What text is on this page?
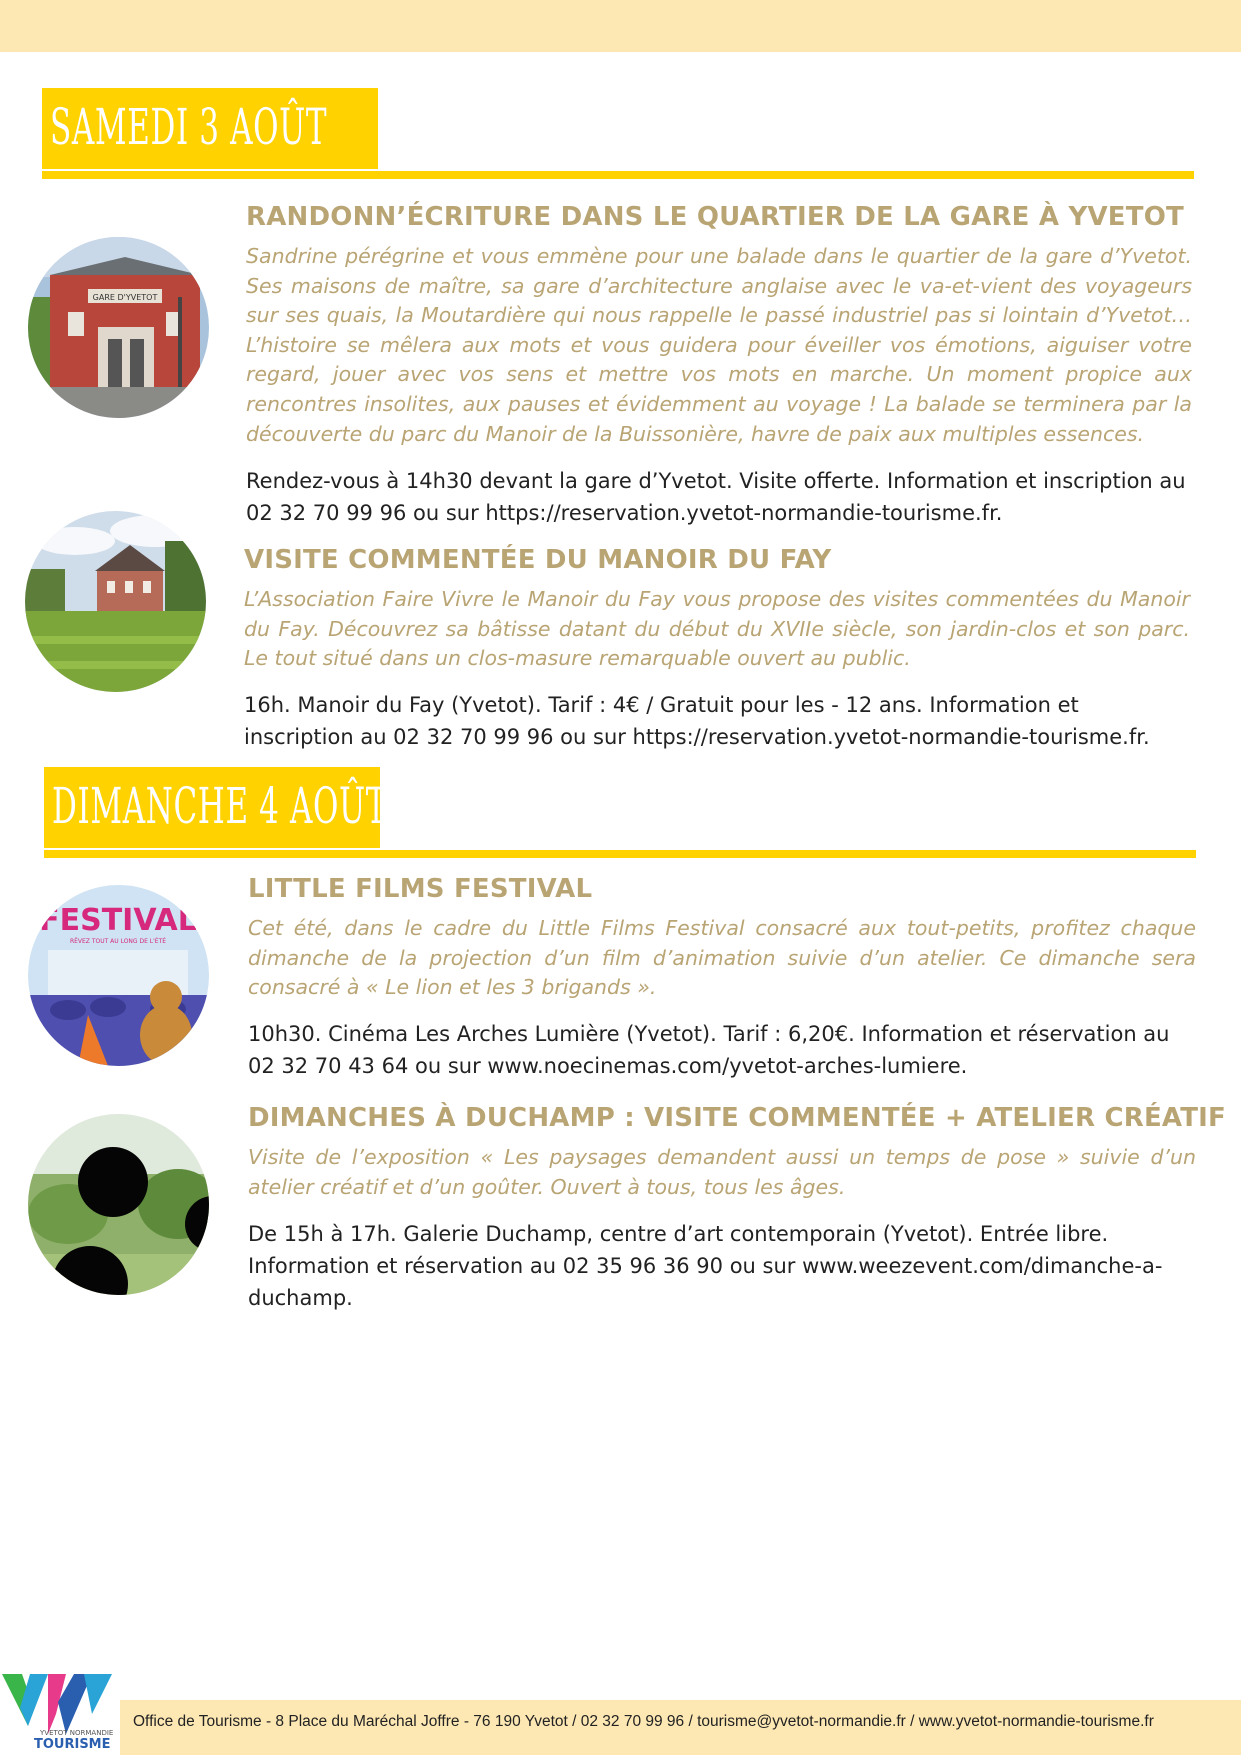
SAMEDI 3 AOÛT
GARE D'YVETOT
RANDONN’ÉCRITURE DANS LE QUARTIER DE LA GARE À YVETOT

Sandrine pérégrine et vous emmène pour une balade dans le quartier de la gare d’Yvetot. Ses maisons de maître, sa gare d’architecture anglaise avec le va-et-vient des voyageurs sur ses quais, la Moutardière qui nous rappelle le passé industriel pas si lointain d’Yvetot… L’histoire se mêlera aux mots et vous guidera pour éveiller vos émotions, aiguiser votre regard, jouer avec vos sens et mettre vos mots en marche. Un moment propice aux rencontres insolites, aux pauses et évidemment au voyage ! La balade se terminera par la découverte du parc du Manoir de la Buissonière, havre de paix aux multiples essences.

Rendez-vous à 14h30 devant la gare d’Yvetot. Visite offerte. Information et inscription au 02 32 70 99 96 ou sur https://reservation.yvetot-normandie-tourisme.fr.

VISITE COMMENTÉE DU MANOIR DU FAY

L’Association Faire Vivre le Manoir du Fay vous propose des visites commentées du Manoir du Fay. Découvrez sa bâtisse datant du début du XVIIe siècle, son jardin-clos et son parc. Le tout situé dans un clos-masure remarquable ouvert au public.

16h. Manoir du Fay (Yvetot). Tarif : 4€ / Gratuit pour les - 12 ans. Information et inscription au 02 32 70 99 96 ou sur https://reservation.yvetot-normandie-tourisme.fr.

DIMANCHE 4 AOÛT
FESTIVAL
RÊVEZ TOUT AU LONG DE L'ÉTÉ
LITTLE FILMS FESTIVAL

Cet été, dans le cadre du Little Films Festival consacré aux tout-petits, profitez chaque dimanche de la projection d’un film d’animation suivie d’un atelier. Ce dimanche sera consacré à « Le lion et les 3 brigands ».

10h30. Cinéma Les Arches Lumière (Yvetot). Tarif : 6,20€. Information et réservation au 02 32 70 43 64 ou sur www.noecinemas.com/yvetot-arches-lumiere.

DIMANCHES À DUCHAMP : VISITE COMMENTÉE + ATELIER CRÉATIF

Visite de l’exposition « Les paysages demandent aussi un temps de pose » suivie d’un atelier créatif et d’un goûter. Ouvert à tous, tous les âges.

De 15h à 17h. Galerie Duchamp, centre d’art contemporain (Yvetot). Entrée libre. Information et réservation au 02 35 96 36 90 ou sur www.weezevent.com/dimanche-a-duchamp.

YVETOT NORMANDIE
TOURISME
Office de Tourisme - 8 Place du Maréchal Joffre - 76 190 Yvetot / 02 32 70 99 96 / tourisme@yvetot-normandie.fr / www.yvetot-normandie-tourisme.fr
